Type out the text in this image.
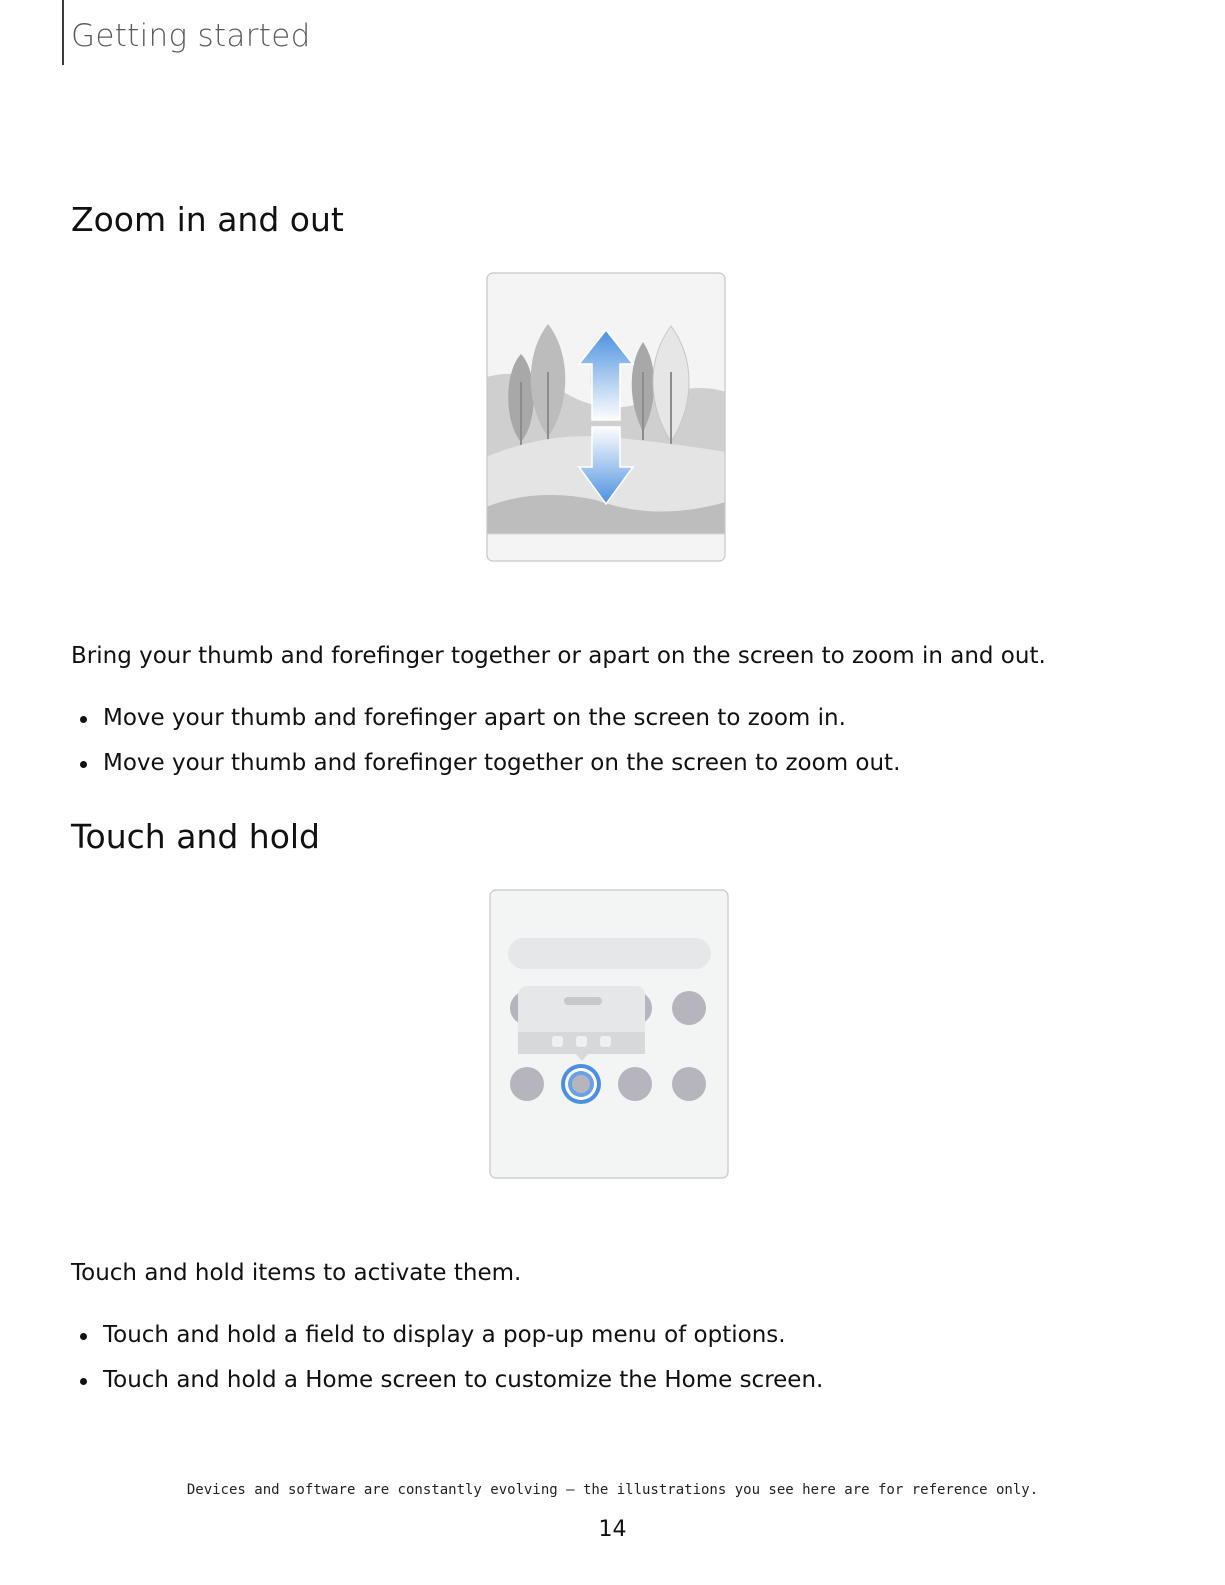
Getting started
Zoom in and out

Bring your thumb and forefinger together or apart on the screen to zoom in and out.

Move your thumb and forefinger apart on the screen to zoom in.
Move your thumb and forefinger together on the screen to zoom out.
Touch and hold

Touch and hold items to activate them.

Touch and hold a field to display a pop-up menu of options.
Touch and hold a Home screen to customize the Home screen.
Devices and software are constantly evolving — the illustrations you see here are for reference only.
14
